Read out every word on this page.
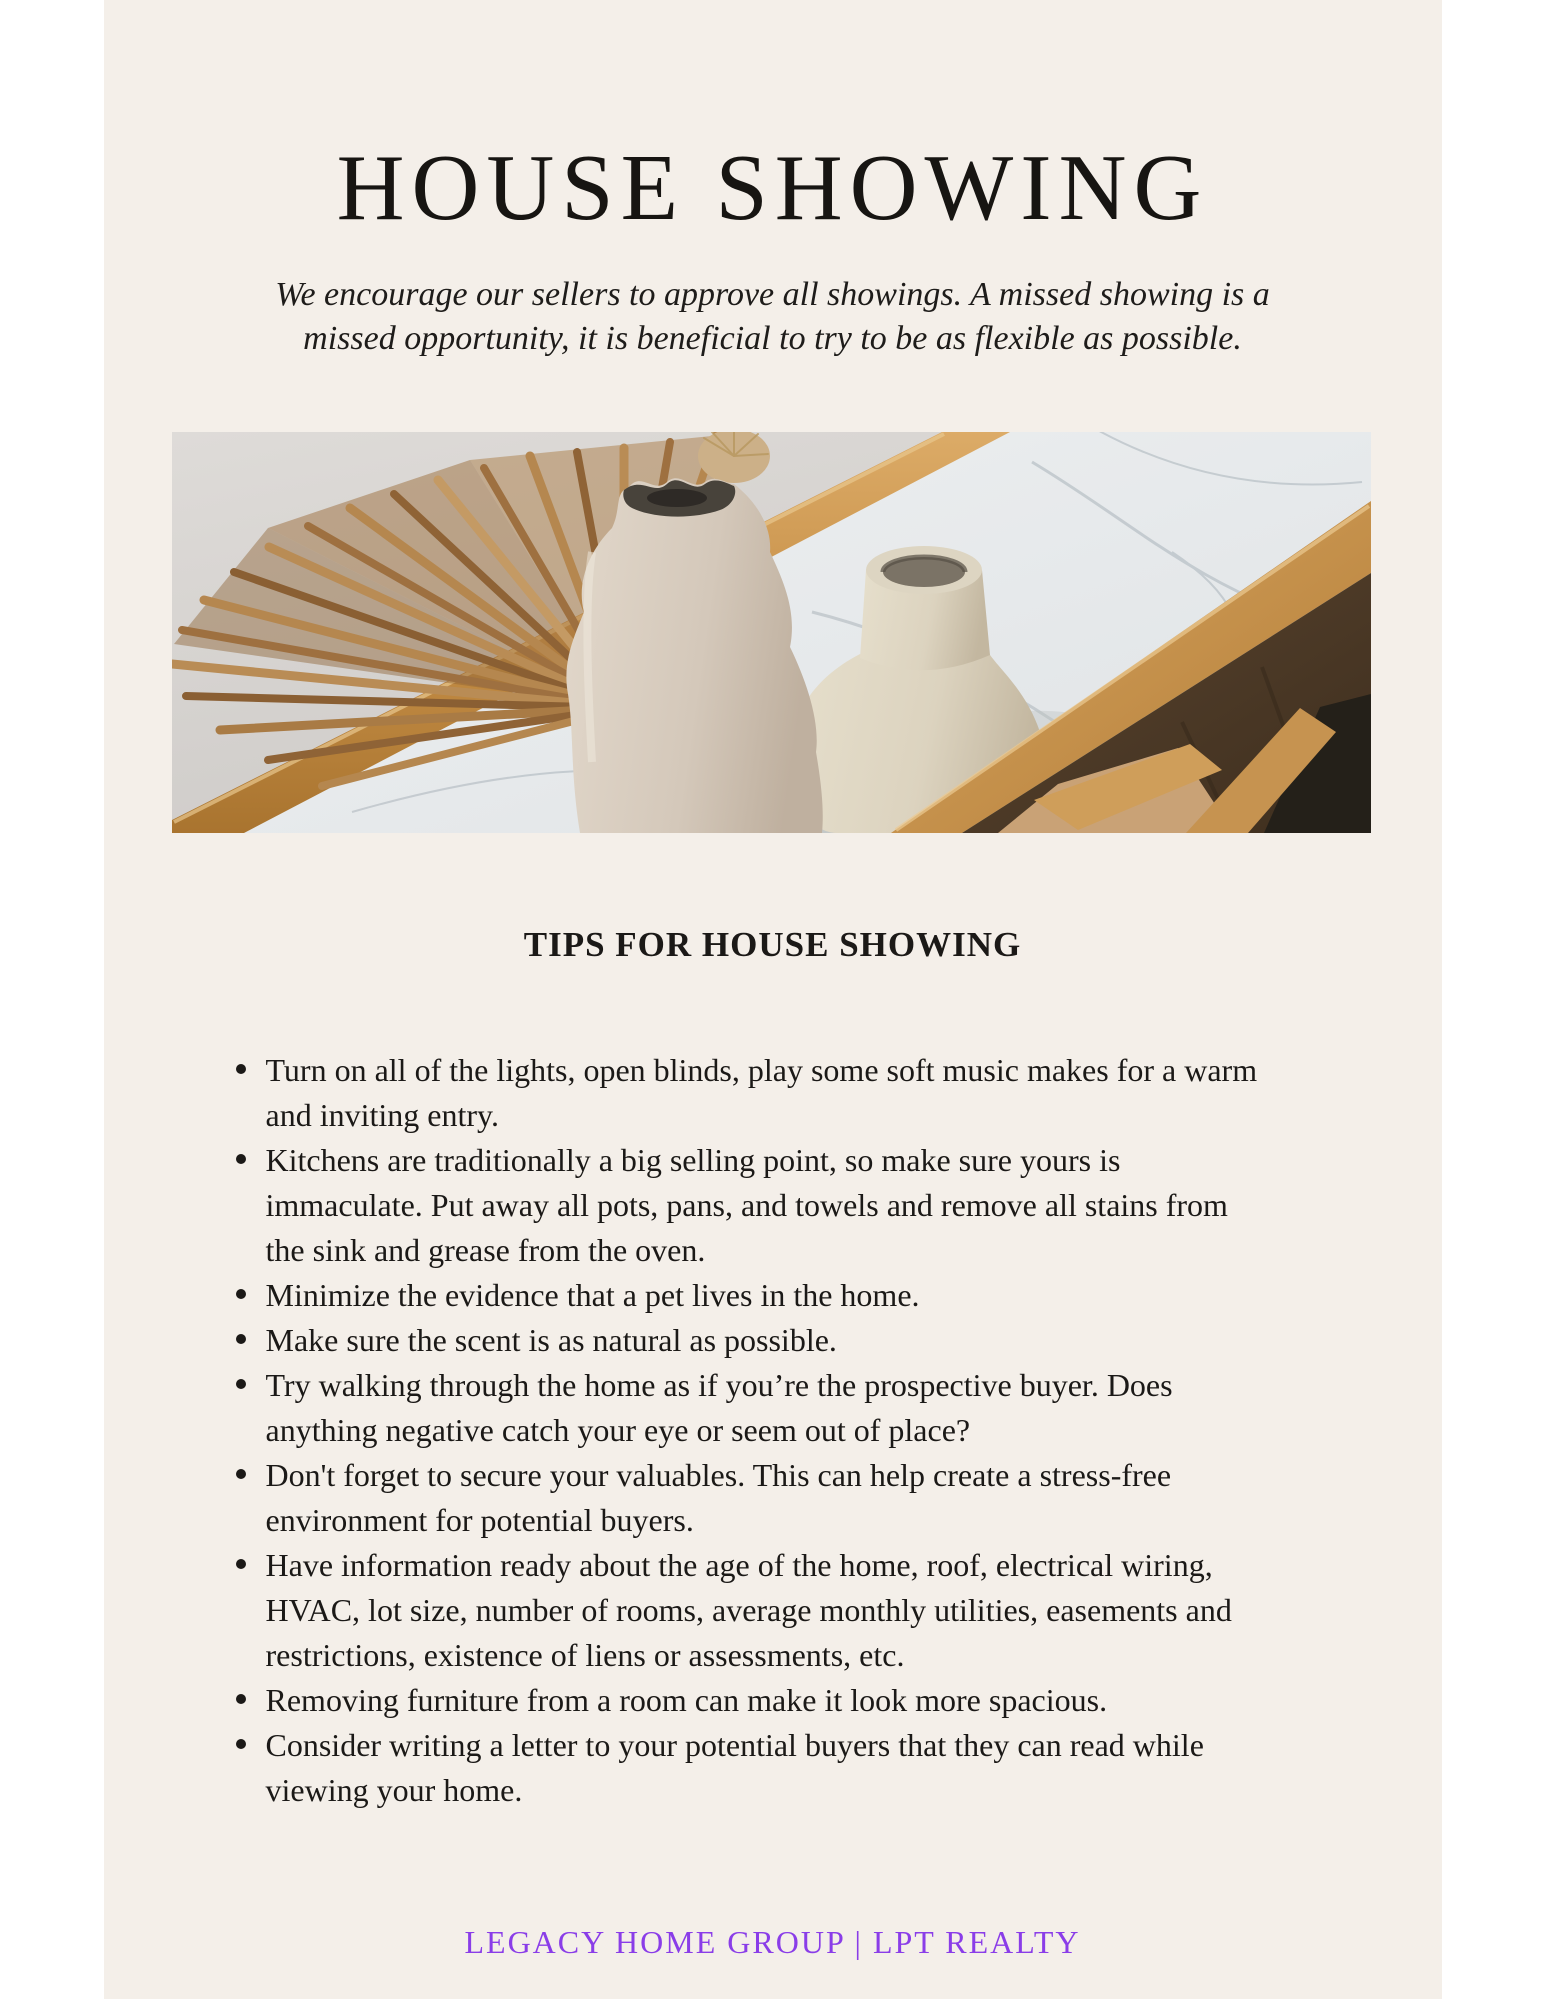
HOUSE SHOWING
We encourage our sellers to approve all showings. A missed showing is a
missed opportunity, it is beneficial to try to be as flexible as possible.
TIPS FOR HOUSE SHOWING
Turn on all of the lights, open blinds, play some soft music makes for a warm
and inviting entry.
Kitchens are traditionally a big selling point, so make sure yours is
immaculate. Put away all pots, pans, and towels and remove all stains from
the sink and grease from the oven.
Minimize the evidence that a pet lives in the home.
Make sure the scent is as natural as possible.
Try walking through the home as if you’re the prospective buyer. Does
anything negative catch your eye or seem out of place?
Don't forget to secure your valuables. This can help create a stress-free
environment for potential buyers.
Have information ready about the age of the home, roof, electrical wiring,
HVAC, lot size, number of rooms, average monthly utilities, easements and
restrictions, existence of liens or assessments, etc.
Removing furniture from a room can make it look more spacious.
Consider writing a letter to your potential buyers that they can read while
viewing your home.
LEGACY HOME GROUP | LPT REALTY
